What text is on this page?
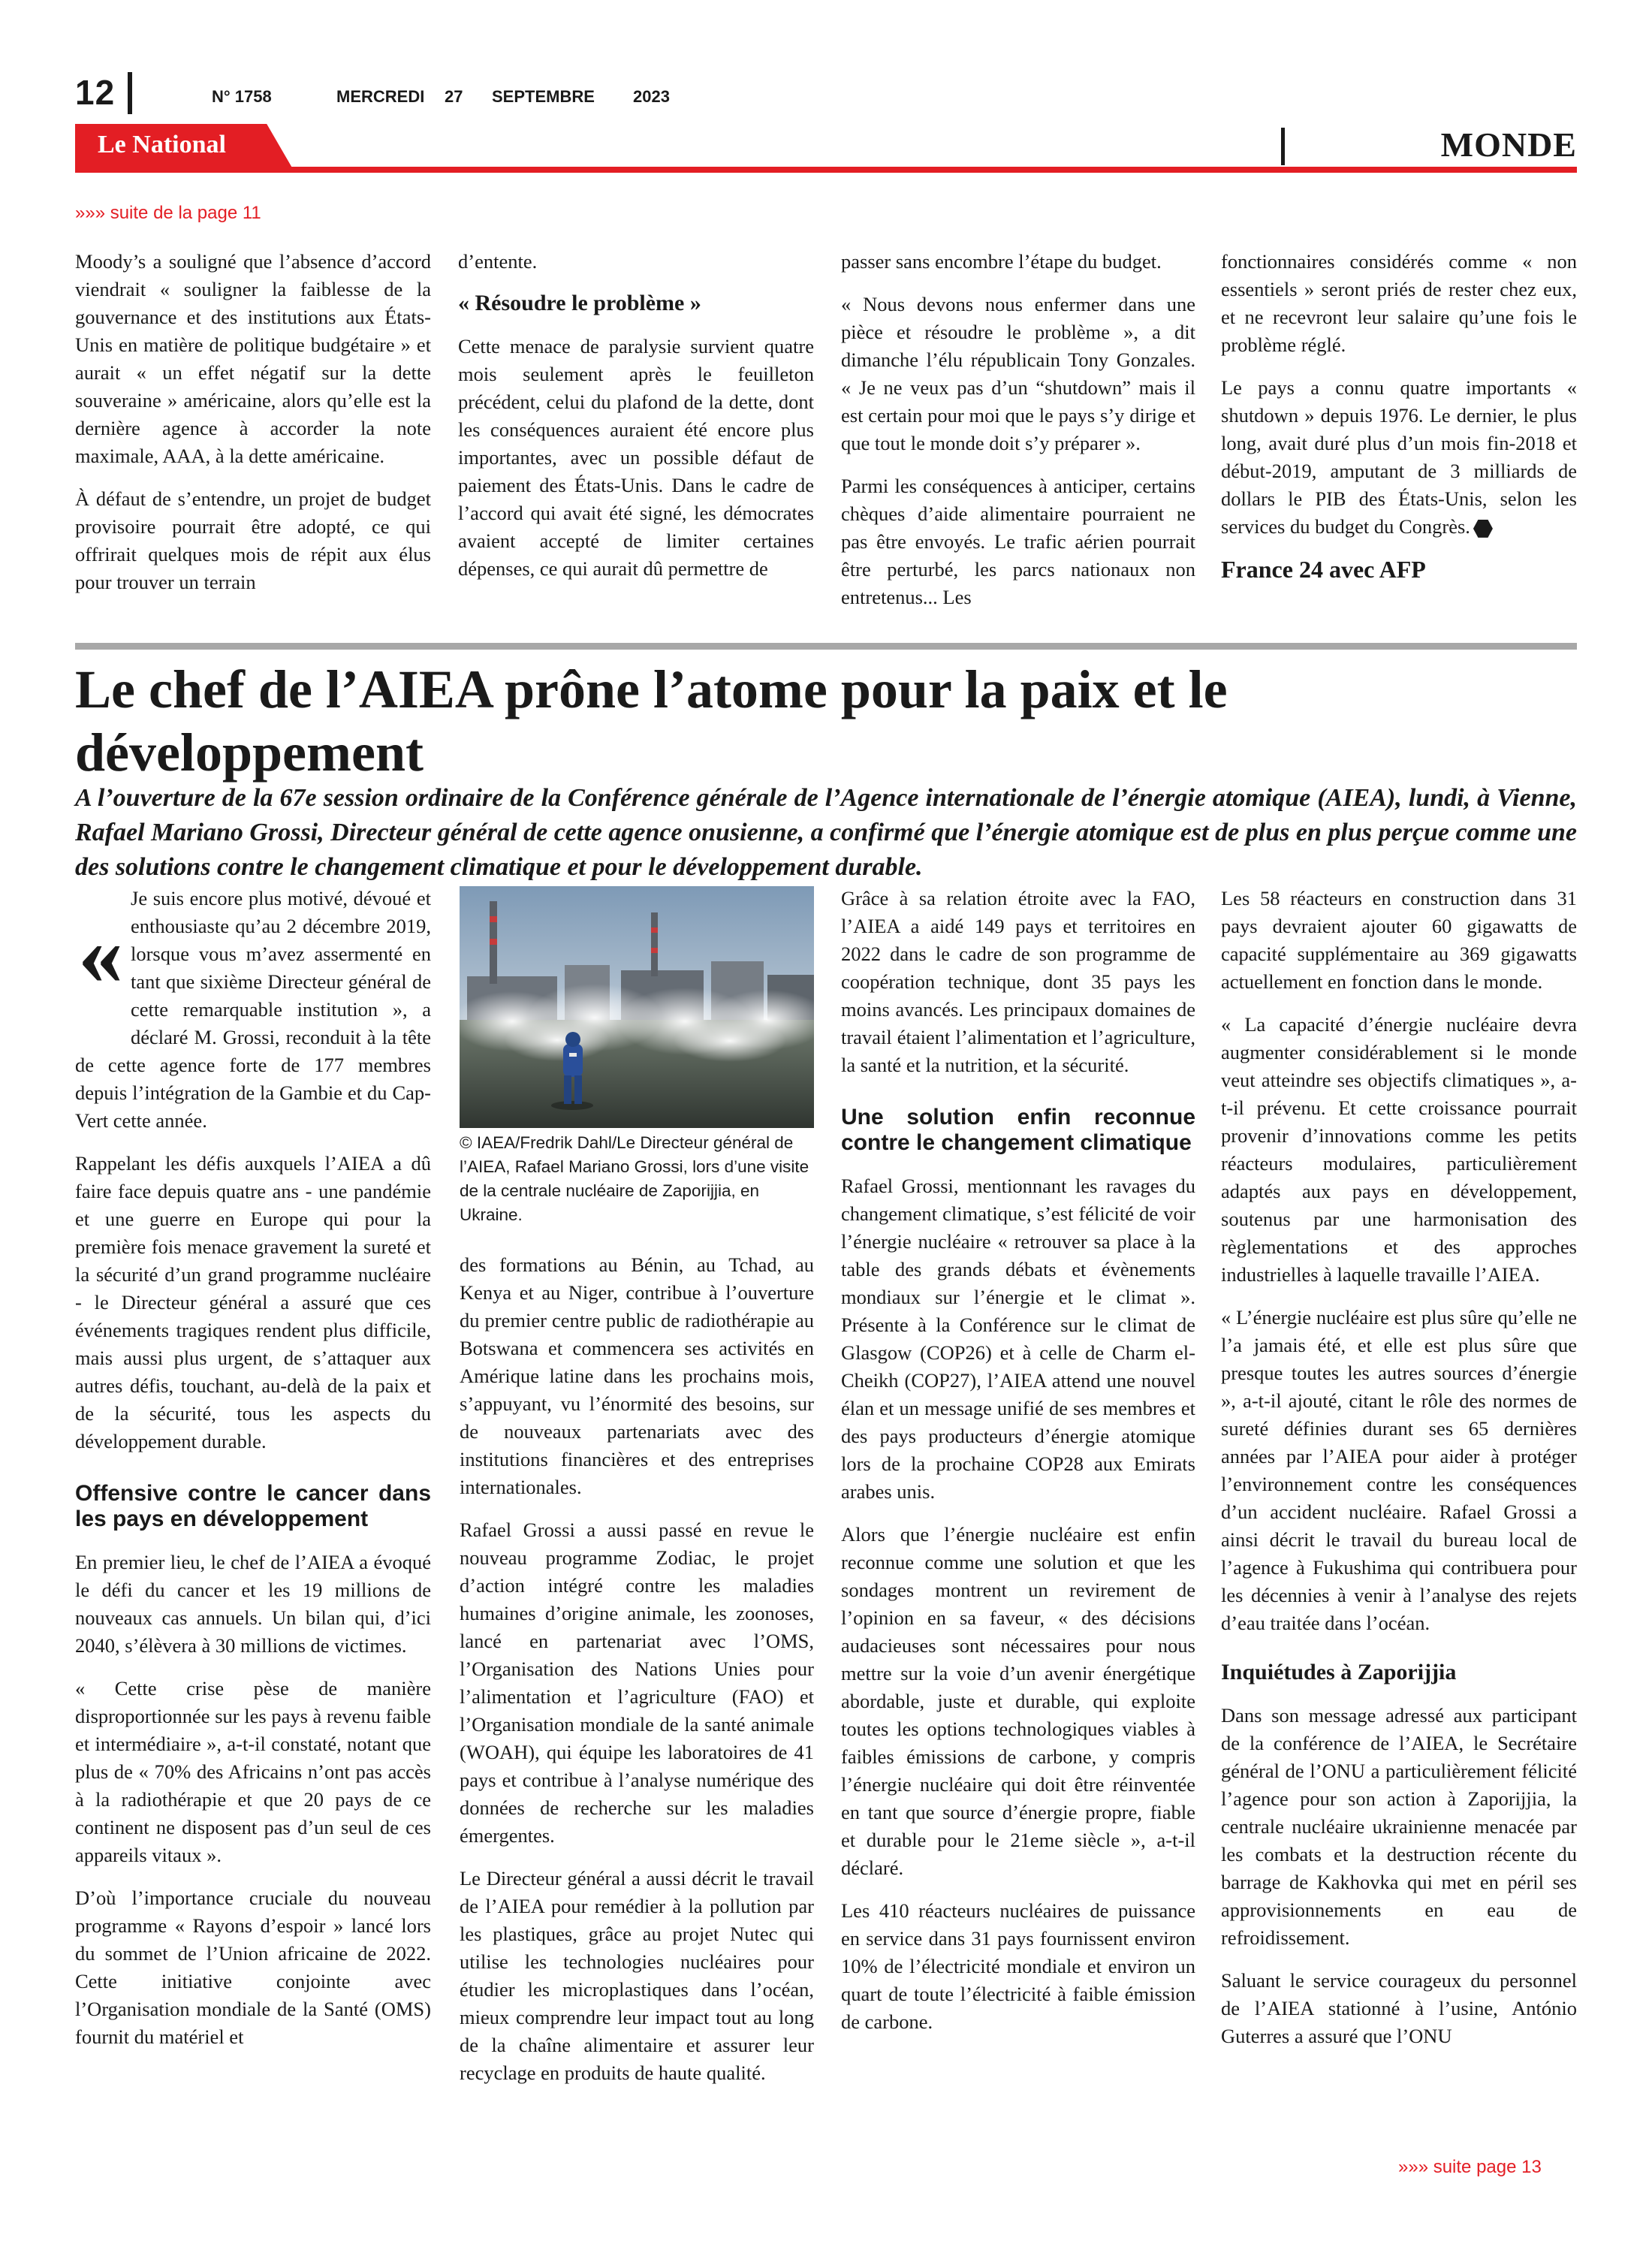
12	N° 1758	MERCREDI 27 SEPTEMBRE 2023
Le National	MONDE
»»» suite de la page 11

Moody’s a souligné que l’absence d’accord viendrait « souligner la faiblesse de la gouvernance et des institutions aux États-Unis en matière de politique budgétaire » et aurait « un effet négatif sur la dette souveraine » américaine, alors qu’elle est la dernière agence à accorder la note maximale, AAA, à la dette américaine.

À défaut de s’entendre, un projet de budget provisoire pourrait être adopté, ce qui offrirait quelques mois de répit aux élus pour trouver un terrain

d’entente.

« Résoudre le problème »

Cette menace de paralysie survient quatre mois seulement après le feuilleton précédent, celui du plafond de la dette, dont les conséquences auraient été encore plus importantes, avec un possible défaut de paiement des États-Unis. Dans le cadre de l’accord qui avait été signé, les démocrates avaient accepté de limiter certaines dépenses, ce qui aurait dû permettre de

passer sans encombre l’étape du budget.

« Nous devons nous enfermer dans une pièce et résoudre le problème », a dit dimanche l’élu républicain Tony Gonzales. « Je ne veux pas d’un “shutdown” mais il est certain pour moi que le pays s’y dirige et que tout le monde doit s’y préparer ».

Parmi les conséquences à anticiper, certains chèques d’aide alimentaire pourraient ne pas être envoyés. Le trafic aérien pourrait être perturbé, les parcs nationaux non entretenus... Les

fonctionnaires considérés comme « non essentiels » seront priés de rester chez eux, et ne recevront leur salaire qu’une fois le problème réglé.

Le pays a connu quatre importants « shutdown » depuis 1976. Le dernier, le plus long, avait duré plus d’un mois fin-2018 et début-2019, amputant de 3 milliards de dollars le PIB des États-Unis, selon les services du budget du Congrès.

France 24 avec AFP

Le chef de l’AIEA prône l’atome pour la paix et le développement

A l’ouverture de la 67e session ordinaire de la Conférence générale de l’Agence internationale de l’énergie atomique (AIEA), lundi, à Vienne, Rafael Mariano Grossi, Directeur général de cette agence onusienne, a confirmé que l’énergie atomique est de plus en plus perçue comme une des solutions contre le changement climatique et pour le développement durable.

«

Je suis encore plus motivé, dévoué et enthousiaste qu’au 2 décembre 2019, lorsque vous m’avez assermenté en tant que sixième Directeur général de cette remarquable institution », a déclaré M. Grossi, reconduit à la tête de cette agence forte de 177 membres depuis l’intégration de la Gambie et du Cap-Vert cette année.

Rappelant les défis auxquels l’AIEA a dû faire face depuis quatre ans - une pandémie et une guerre en Europe qui pour la première fois menace gravement la sureté et la sécurité d’un grand programme nucléaire - le Directeur général a assuré que ces événements tragiques rendent plus difficile, mais aussi plus urgent, de s’attaquer aux autres défis, touchant, au-delà de la paix et de la sécurité, tous les aspects du développement durable.

Offensive contre le cancer dans les pays en développement

En premier lieu, le chef de l’AIEA a évoqué le défi du cancer et les 19 millions de nouveaux cas annuels. Un bilan qui, d’ici 2040, s’élèvera à 30 millions de victimes.

« Cette crise pèse de manière disproportionnée sur les pays à revenu faible et intermédiaire », a-t-il constaté, notant que plus de « 70% des Africains n’ont pas accès à la radiothérapie et que 20 pays de ce continent ne disposent pas d’un seul de ces appareils vitaux ».

D’où l’importance cruciale du nouveau programme « Rayons d’espoir » lancé lors du sommet de l’Union africaine de 2022. Cette initiative conjointe avec l’Organisation mondiale de la Santé (OMS) fournit du matériel et

© IAEA/Fredrik Dahl/Le Directeur général de l’AIEA, Rafael Mariano Grossi, lors d’une visite de la centrale nucléaire de Zaporijjia, en Ukraine.

des formations au Bénin, au Tchad, au Kenya et au Niger, contribue à l’ouverture du premier centre public de radiothérapie au Botswana et commencera ses activités en Amérique latine dans les prochains mois, s’appuyant, vu l’énormité des besoins, sur de nouveaux partenariats avec des institutions financières et des entreprises internationales.

Rafael Grossi a aussi passé en revue le nouveau programme Zodiac, le projet d’action intégré contre les maladies humaines d’origine animale, les zoonoses, lancé en partenariat avec l’OMS, l’Organisation des Nations Unies pour l’alimentation et l’agriculture (FAO) et l’Organisation mondiale de la santé animale (WOAH), qui équipe les laboratoires de 41 pays et contribue à l’analyse numérique des données de recherche sur les maladies émergentes.

Le Directeur général a aussi décrit le travail de l’AIEA pour remédier à la pollution par les plastiques, grâce au projet Nutec qui utilise les technologies nucléaires pour étudier les microplastiques dans l’océan, mieux comprendre leur impact tout au long de la chaîne alimentaire et assurer leur recyclage en produits de haute qualité.

Grâce à sa relation étroite avec la FAO, l’AIEA a aidé 149 pays et territoires en 2022 dans le cadre de son programme de coopération technique, dont 35 pays les moins avancés. Les principaux domaines de travail étaient l’alimentation et l’agriculture, la santé et la nutrition, et la sécurité.

Une solution enfin reconnue contre le changement climatique

Rafael Grossi, mentionnant les ravages du changement climatique, s’est félicité de voir l’énergie nucléaire « retrouver sa place à la table des grands débats et évènements mondiaux sur l’énergie et le climat ». Présente à la Conférence sur le climat de Glasgow (COP26) et à celle de Charm el-Cheikh (COP27), l’AIEA attend une nouvel élan et un message unifié de ses membres et des pays producteurs d’énergie atomique lors de la prochaine COP28 aux Emirats arabes unis.

Alors que l’énergie nucléaire est enfin reconnue comme une solution et que les sondages montrent un revirement de l’opinion en sa faveur, « des décisions audacieuses sont nécessaires pour nous mettre sur la voie d’un avenir énergétique abordable, juste et durable, qui exploite toutes les options technologiques viables à faibles émissions de carbone, y compris l’énergie nucléaire qui doit être réinventée en tant que source d’énergie propre, fiable et durable pour le 21eme siècle », a-t-il déclaré.

Les 410 réacteurs nucléaires de puissance en service dans 31 pays fournissent environ 10% de l’électricité mondiale et environ un quart de toute l’électricité à faible émission de carbone.

Les 58 réacteurs en construction dans 31 pays devraient ajouter 60 gigawatts de capacité supplémentaire au 369 gigawatts actuellement en fonction dans le monde.

« La capacité d’énergie nucléaire devra augmenter considérablement si le monde veut atteindre ses objectifs climatiques », a-t-il prévenu. Et cette croissance pourrait provenir d’innovations comme les petits réacteurs modulaires, particulièrement adaptés aux pays en développement, soutenus par une harmonisation des règlementations et des approches industrielles à laquelle travaille l’AIEA.

« L’énergie nucléaire est plus sûre qu’elle ne l’a jamais été, et elle est plus sûre que presque toutes les autres sources d’énergie », a-t-il ajouté, citant le rôle des normes de sureté définies durant ses 65 dernières années par l’AIEA pour aider à protéger l’environnement contre les conséquences d’un accident nucléaire. Rafael Grossi a ainsi décrit le travail du bureau local de l’agence à Fukushima qui contribuera pour les décennies à venir à l’analyse des rejets d’eau traitée dans l’océan.

Inquiétudes à Zaporijjia

Dans son message adressé aux participant de la conférence de l’AIEA, le Secrétaire général de l’ONU a particulièrement félicité l’agence pour son action à Zaporijjia, la centrale nucléaire ukrainienne menacée par les combats et la destruction récente du barrage de Kakhovka qui met en péril ses approvisionnements en eau de refroidissement.

Saluant le service courageux du personnel de l’AIEA stationné à l’usine, António Guterres a assuré que l’ONU

»»» suite page 13
